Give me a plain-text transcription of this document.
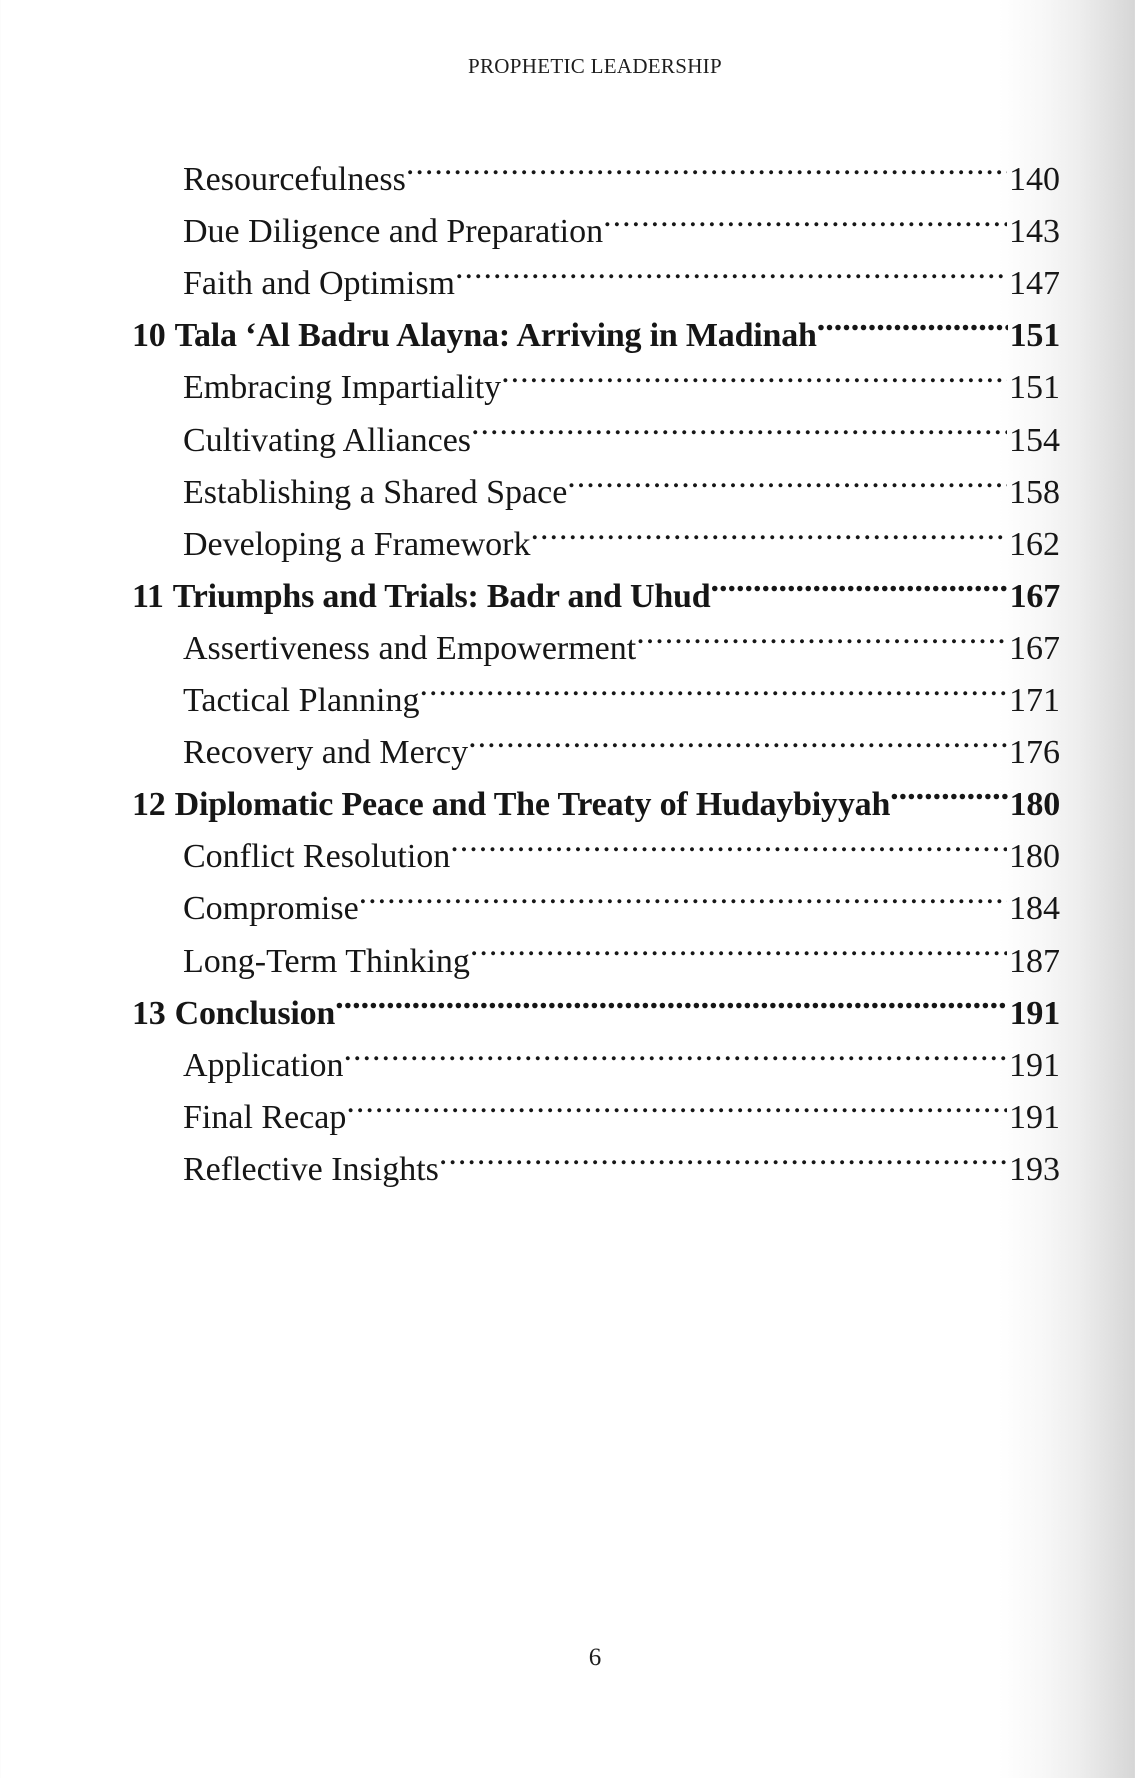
PROPHETIC LEADERSHIP

Resourcefulness .....	140
Due Diligence and Preparation .....	143
Faith and Optimism .....	147
10 Tala ‘Al Badru Alayna: Arriving in Madinah .....	151
Embracing Impartiality .....	151
Cultivating Alliances .....	154
Establishing a Shared Space .....	158
Developing a Framework .....	162
11 Triumphs and Trials: Badr and Uhud .....	167
Assertiveness and Empowerment .....	167
Tactical Planning .....	171
Recovery and Mercy .....	176
12 Diplomatic Peace and The Treaty of Hudaybiyyah .....	180
Conflict Resolution .....	180
Compromise .....	184
Long-Term Thinking .....	187
13 Conclusion .....	191
Application .....	191
Final Recap .....	191
Reflective Insights .....	193

6
